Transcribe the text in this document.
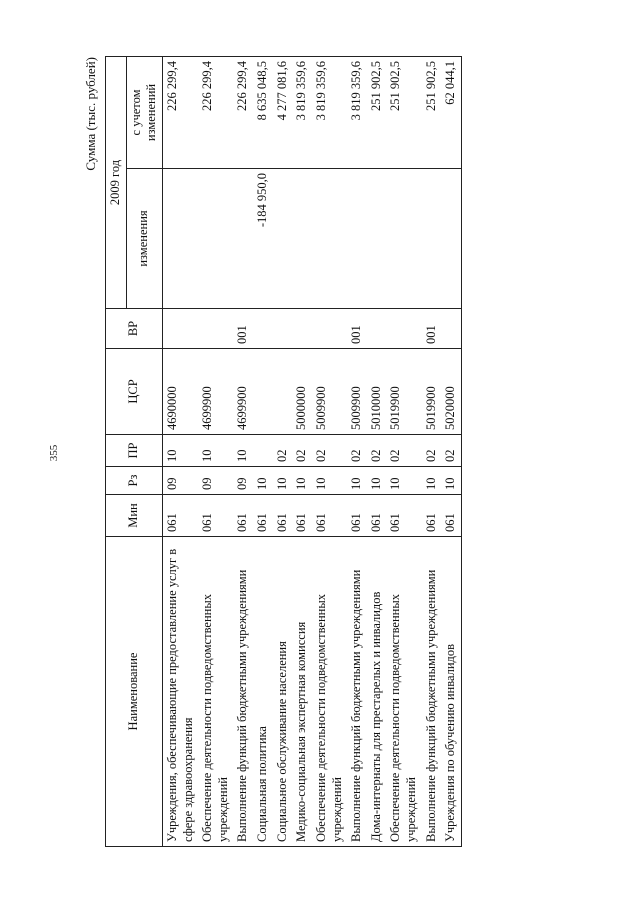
355
Сумма (тыс. рублей)
Наименование	Мин	Рз	ПР	ЦСР	ВР	2009 год	
						изменения	с учетом изменений
Учреждения, обеспечивающие предоставление услуг в сфере здравоохранения	061	09	10	4690000			226 299,4
Обеспечение деятельности подведомственных учреждений	061	09	10	4699900			226 299,4
Выполнение функций бюджетными учреждениями	061	09	10	4699900	001		226 299,4
Социальная политика	061	10				-184 950,0	8 635 048,5
Социальное обслуживание населения	061	10	02				4 277 081,6
Медико-социальная экспертная комиссия	061	10	02	5000000			3 819 359,6
Обеспечение деятельности подведомственных учреждений	061	10	02	5009900			3 819 359,6
Выполнение функций бюджетными учреждениями	061	10	02	5009900	001		3 819 359,6
Дома-интернаты для престарелых и инвалидов	061	10	02	5010000			251 902,5
Обеспечение деятельности подведомственных учреждений	061	10	02	5019900			251 902,5
Выполнение функций бюджетными учреждениями	061	10	02	5019900	001		251 902,5
Учреждения по обучению инвалидов	061	10	02	5020000			62 044,1
